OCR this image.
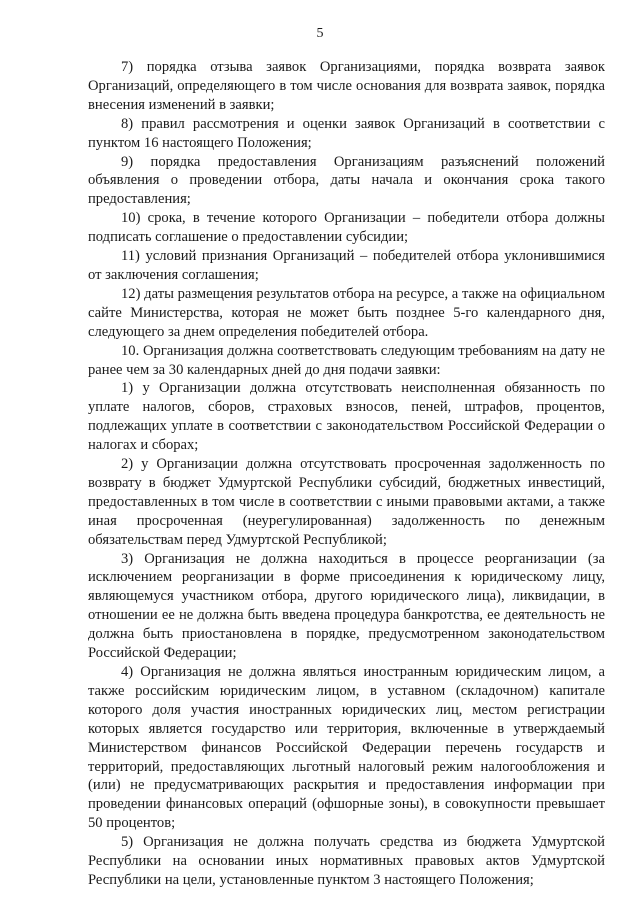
5

7) порядка отзыва заявок Организациями, порядка возврата заявок Организаций, определяющего в том числе основания для возврата заявок, порядка внесения изменений в заявки;

8) правил рассмотрения и оценки заявок Организаций в соответствии с пунктом 16 настоящего Положения;

9) порядка предоставления Организациям разъяснений положений объявления о проведении отбора, даты начала и окончания срока такого предоставления;

10) срока, в течение которого Организации – победители отбора должны подписать соглашение о предоставлении субсидии;

11) условий признания Организаций – победителей отбора уклонившимися от заключения соглашения;

12) даты размещения результатов отбора на ресурсе, а также на официальном сайте Министерства, которая не может быть позднее 5-го календарного дня, следующего за днем определения победителей отбора.

10. Организация должна соответствовать следующим требованиям на дату не ранее чем за 30 календарных дней до дня подачи заявки:

1) у Организации должна отсутствовать неисполненная обязанность по уплате налогов, сборов, страховых взносов, пеней, штрафов, процентов, подлежащих уплате в соответствии с законодательством Российской Федерации о налогах и сборах;

2) у Организации должна отсутствовать просроченная задолженность по возврату в бюджет Удмуртской Республики субсидий, бюджетных инвестиций, предоставленных в том числе в соответствии с иными правовыми актами, а также иная просроченная (неурегулированная) задолженность по денежным обязательствам перед Удмуртской Республикой;

3) Организация не должна находиться в процессе реорганизации (за исключением реорганизации в форме присоединения к юридическому лицу, являющемуся участником отбора, другого юридического лица), ликвидации, в отношении ее не должна быть введена процедура банкротства, ее деятельность не должна быть приостановлена в порядке, предусмотренном законодательством Российской Федерации;

4) Организация не должна являться иностранным юридическим лицом, а также российским юридическим лицом, в уставном (складочном) капитале которого доля участия иностранных юридических лиц, местом регистрации которых является государство или территория, включенные в утверждаемый Министерством финансов Российской Федерации перечень государств и территорий, предоставляющих льготный налоговый режим налогообложения и (или) не предусматривающих раскрытия и предоставления информации при проведении финансовых операций (офшорные зоны), в совокупности превышает 50 процентов;

5) Организация не должна получать средства из бюджета Удмуртской Республики на основании иных нормативных правовых актов Удмуртской Республики на цели, установленные пунктом 3 настоящего Положения;
